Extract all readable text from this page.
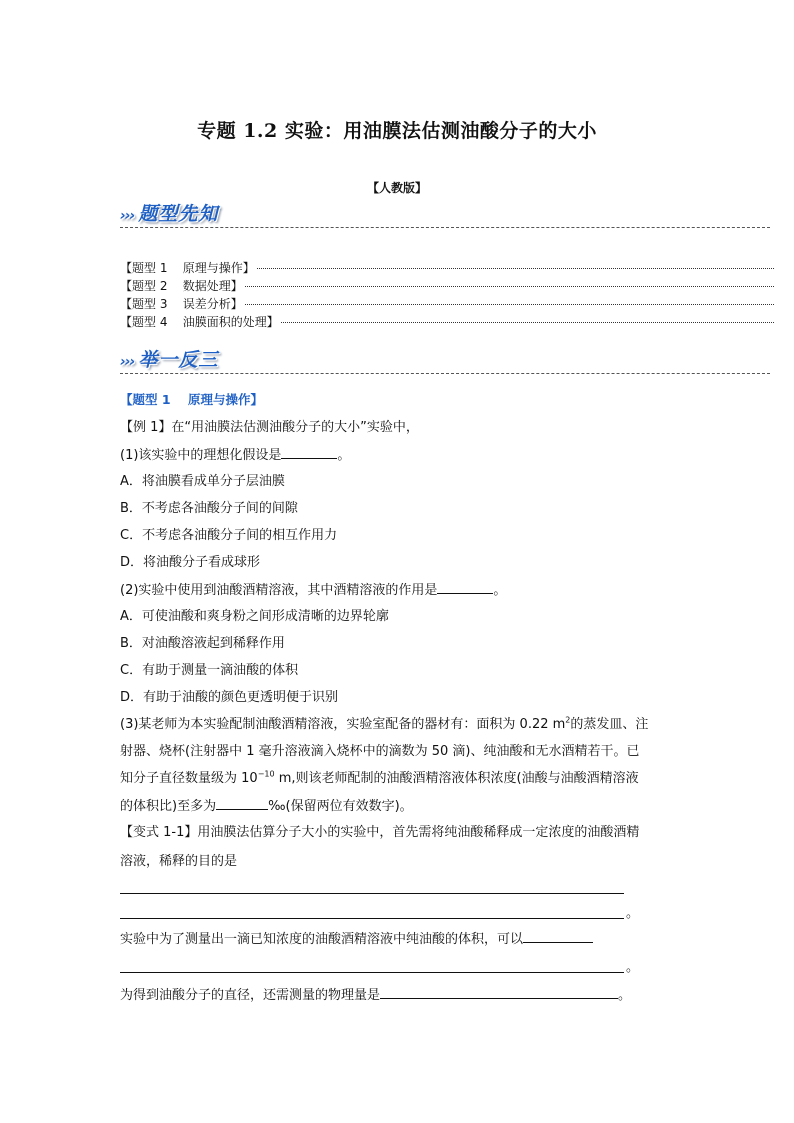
专题 1.2 实验：用油膜法估测油酸分子的大小
【人教版】
››› 题型先知
【题型 1    原理与操作】
【题型 2    数据处理】
【题型 3    误差分析】
【题型 4    油膜面积的处理】
››› 举一反三
【题型 1    原理与操作】
【例 1】在“用油膜法估测油酸分子的大小”实验中，
(1)该实验中的理想化假设是	。
A．将油膜看成单分子层油膜
B．不考虑各油酸分子间的间隙
C．不考虑各油酸分子间的相互作用力
D．将油酸分子看成球形
(2)实验中使用到油酸酒精溶液，其中酒精溶液的作用是	。
A．可使油酸和爽身粉之间形成清晰的边界轮廓
B．对油酸溶液起到稀释作用
C．有助于测量一滴油酸的体积
D．有助于油酸的颜色更透明便于识别
(3)某老师为本实验配制油酸酒精溶液，实验室配备的器材有：面积为 0.22 $m^2$的蒸发皿、注
射器、烧杯(注射器中 1 毫升溶液滴入烧杯中的滴数为 50 滴)、纯油酸和无水酒精若干。已
知分子直径数量级为 $10^{-10}$ m,则该老师配制的油酸酒精溶液体积浓度(油酸与油酸酒精溶液
的体积比)至多为	‰(保留两位有效数字)。
【变式 1-1】用油膜法估算分子大小的实验中，首先需将纯油酸稀释成一定浓度的油酸酒精
溶液，稀释的目的是
。
实验中为了测量出一滴已知浓度的油酸酒精溶液中纯油酸的体积，可以
。
为得到油酸分子的直径，还需测量的物理量是	。
